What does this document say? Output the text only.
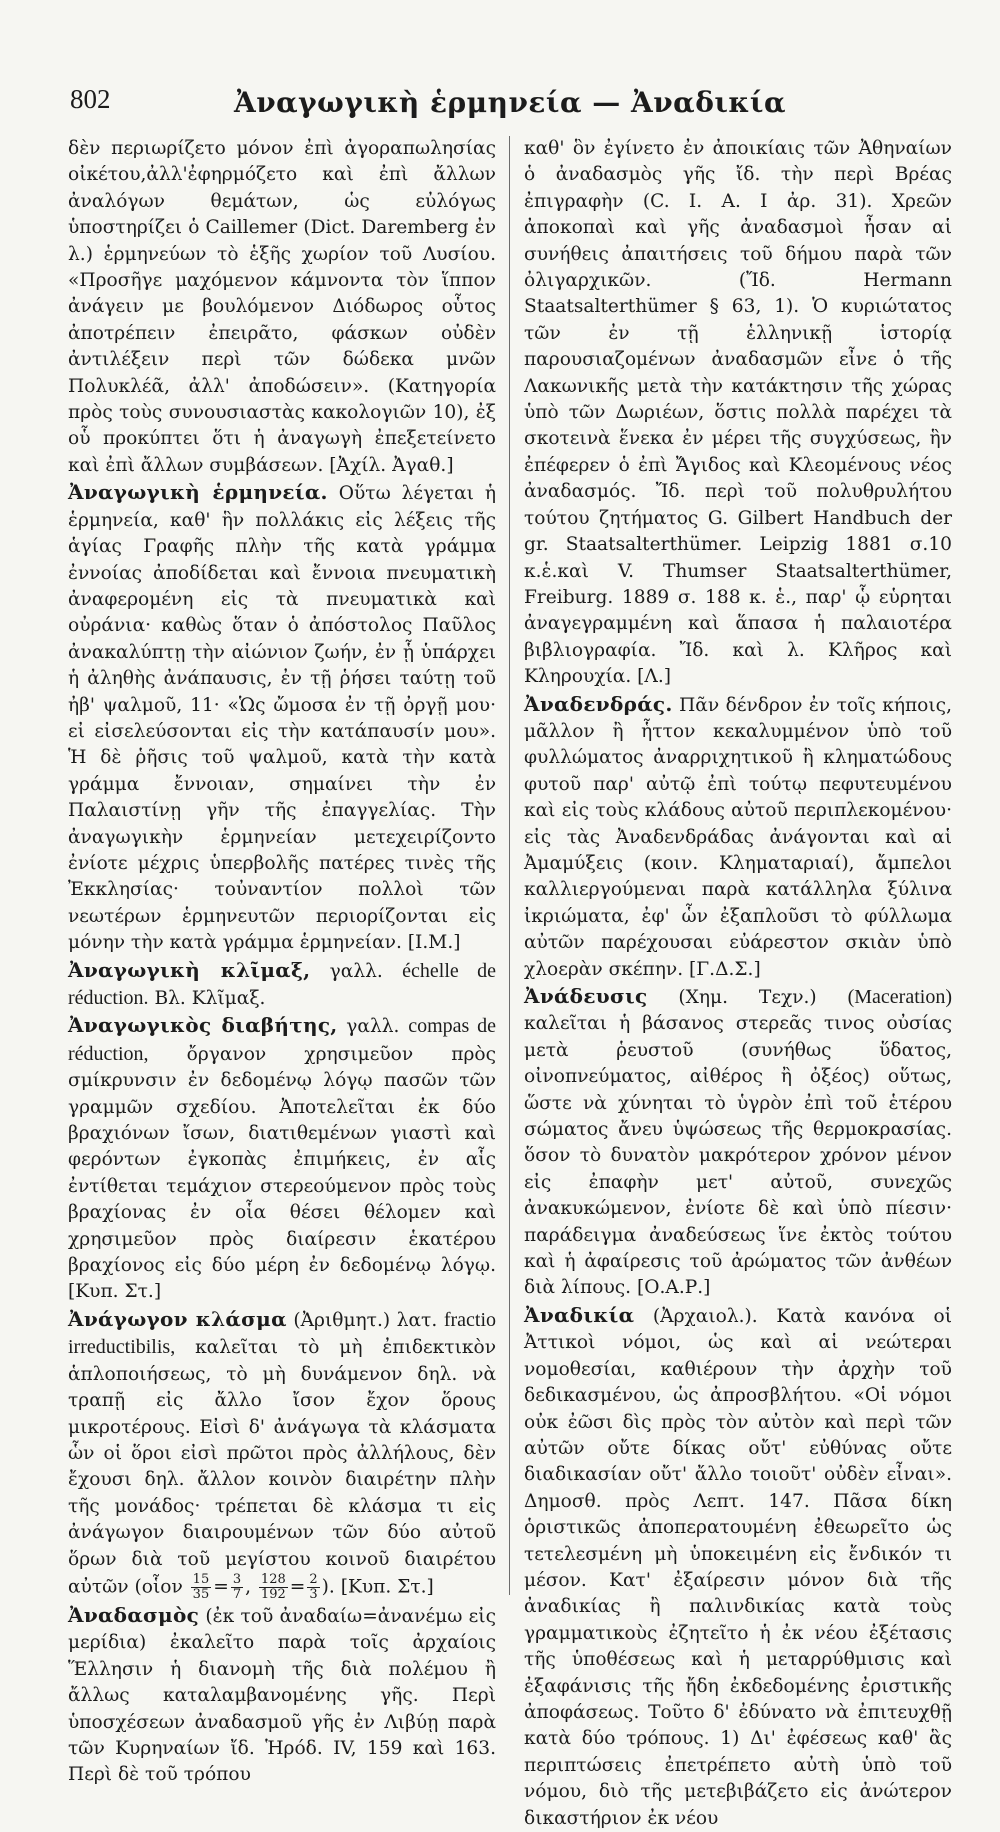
802	Ἀναγωγικὴ ἑρμηνεία — Ἀναδικία

δὲν περιωρίζετο μόνον ἐπὶ ἀγοραπωλησίας οἰκέτου,ἀλλ'ἐφηρμόζετο καὶ ἐπὶ ἄλλων ἀναλόγων θεμάτων, ὡς εὐλόγως ὑποστηρίζει ὁ Caillemer (Dict. Daremberg ἐν λ.) ἑρμηνεύων τὸ ἑξῆς χωρίον τοῦ Λυσίου. «Προσῆγε μαχόμενον κάμνοντα τὸν ἵππον ἀνάγειν με βουλόμενον Διόδωρος οὗτος ἀποτρέπειν ἐπειρᾶτο, φάσκων οὐδὲν ἀντιλέξειν περὶ τῶν δώδεκα μνῶν Πολυκλέᾶ, ἀλλ' ἀποδώσειν». (Κατηγορία πρὸς τοὺς συνουσιαστὰς κακολογιῶν 10), ἐξ οὗ προκύπτει ὅτι ἡ ἀναγωγὴ ἐπεξετείνετο καὶ ἐπὶ ἄλλων συμβάσεων. [Ἀχίλ. Ἀγαθ.]

Ἀναγωγικὴ ἑρμηνεία. Οὕτω λέγεται ἡ ἑρμηνεία, καθ' ἣν πολλάκις εἰς λέξεις τῆς ἁγίας Γραφῆς πλὴν τῆς κατὰ γράμμα ἐννοίας ἀποδίδεται καὶ ἔννοια πνευματικὴ ἀναφερομένη εἰς τὰ πνευματικὰ καὶ οὐράνια· καθὼς ὅταν ὁ ἀπόστολος Παῦλος ἀνακαλύπτῃ τὴν αἰώνιον ζωήν, ἐν ᾗ ὑπάρχει ἡ ἀληθὴς ἀνάπαυσις, ἐν τῇ ῥήσει ταύτῃ τοῦ ἠβ' ψαλμοῦ, 11· «Ὡς ὤμοσα ἐν τῇ ὀργῇ μου· εἰ εἰσελεύσονται εἰς τὴν κατάπαυσίν μου». Ἡ δὲ ῥῆσις τοῦ ψαλμοῦ, κατὰ τὴν κατὰ γράμμα ἔννοιαν, σημαίνει τὴν ἐν Παλαιστίνῃ γῆν τῆς ἐπαγγελίας. Τὴν ἀναγωγικὴν ἑρμηνείαν μετεχειρίζοντο ἐνίοτε μέχρις ὑπερβολῆς πατέρες τινὲς τῆς Ἐκκλησίας· τοὐναντίον πολλοὶ τῶν νεωτέρων ἑρμηνευτῶν περιορίζονται εἰς μόνην τὴν κατὰ γράμμα ἑρμηνείαν. [Ι.Μ.]

Ἀναγωγικὴ κλῖμαξ, γαλλ. échelle de réduction. Βλ. Κλῖμαξ.

Ἀναγωγικὸς διαβήτης, γαλλ. compas de réduction, ὄργανον χρησιμεῦον πρὸς σμίκρυνσιν ἐν δεδομένῳ λόγῳ πασῶν τῶν γραμμῶν σχεδίου. Ἀποτελεῖται ἐκ δύο βραχιόνων ἴσων, διατιθεμένων γιαστὶ καὶ φερόντων ἐγκοπὰς ἐπιμήκεις, ἐν αἷς ἐντίθεται τεμάχιον στερεούμενον πρὸς τοὺς βραχίονας ἐν οἷα θέσει θέλομεν καὶ χρησιμεῦον πρὸς διαίρεσιν ἑκατέρου βραχίονος εἰς δύο μέρη ἐν δεδομένῳ λόγῳ. [Κυπ. Στ.]

Ἀνάγωγον κλάσμα (Ἀριθμητ.) λατ. fractio irreductibilis, καλεῖται τὸ μὴ ἐπιδεκτικὸν ἁπλοποιήσεως, τὸ μὴ δυνάμενον δηλ. νὰ τραπῇ εἰς ἄλλο ἴσον ἔχον ὅρους μικροτέρους. Εἰσὶ δ' ἀνάγωγα τὰ κλάσματα ὧν οἱ ὅροι εἰσὶ πρῶτοι πρὸς ἀλλήλους, δὲν ἔχουσι δηλ. ἄλλον κοινὸν διαιρέτην πλὴν τῆς μονάδος· τρέπεται δὲ κλάσμα τι εἰς ἀνάγωγον διαιρουμένων τῶν δύο αὐτοῦ ὅρων διὰ τοῦ μεγίστου κοινοῦ διαιρέτου αὐτῶν (οἷον $\frac{15}{35} = \frac{3}{7}$ , $\frac{128}{192} = \frac{2}{3}$ ). [Κυπ. Στ.]

Ἀναδασμὸς (ἐκ τοῦ ἀναδαίω=ἀνανέμω εἰς μερίδια) ἐκαλεῖτο παρὰ τοῖς ἀρχαίοις Ἕλλησιν ἡ διανομὴ τῆς διὰ πολέμου ἢ ἄλλως καταλαμβανομένης γῆς. Περὶ ὑποσχέσεων ἀναδασμοῦ γῆς ἐν Λιβύῃ παρὰ τῶν Κυρηναίων ἴδ. Ἡρόδ. IV, 159 καὶ 163. Περὶ δὲ τοῦ τρόπου

καθ' ὃν ἐγίνετο ἐν ἀποικίαις τῶν Ἀθηναίων ὁ ἀναδασμὸς γῆς ἴδ. τὴν περὶ Βρέας ἐπιγραφὴν (C. I. A. I ἀρ. 31). Χρεῶν ἀποκοπαὶ καὶ γῆς ἀναδασμοὶ ἦσαν αἱ συνήθεις ἀπαιτήσεις τοῦ δήμου παρὰ τῶν ὀλιγαρχικῶν. (Ἴδ. Hermann Staatsalterthümer § 63, 1). Ὁ κυριώτατος τῶν ἐν τῇ ἑλληνικῇ ἱστορίᾳ παρουσιαζομένων ἀναδασμῶν εἶνε ὁ τῆς Λακωνικῆς μετὰ τὴν κατάκτησιν τῆς χώρας ὑπὸ τῶν Δωριέων, ὅστις πολλὰ παρέχει τὰ σκοτεινὰ ἕνεκα ἐν μέρει τῆς συγχύσεως, ἣν ἐπέφερεν ὁ ἐπὶ Ἄγιδος καὶ Κλεομένους νέος ἀναδασμός. Ἴδ. περὶ τοῦ πολυθρυλήτου τούτου ζητήματος G. Gilbert Handbuch der gr. Staatsalterthümer. Leipzig 1881 σ.10 κ.ἑ.καὶ V. Thumser Staatsalterthümer, Freiburg. 1889 σ. 188 κ. ἑ., παρ' ᾧ εὑρηται ἀναγεγραμμένη καὶ ἅπασα ἡ παλαιοτέρα βιβλιογραφία. Ἴδ. καὶ λ. Κλῆρος καὶ Κληρουχία. [Λ.]

Ἀναδενδράς. Πᾶν δένδρον ἐν τοῖς κήποις, μᾶλλον ἢ ἧττον κεκαλυμμένον ὑπὸ τοῦ φυλλώματος ἀναρριχητικοῦ ἢ κληματώδους φυτοῦ παρ' αὐτῷ ἐπὶ τούτῳ πεφυτευμένου καὶ εἰς τοὺς κλάδους αὐτοῦ περιπλεκομένου· εἰς τὰς Ἀναδενδράδας ἀνάγονται καὶ αἱ Ἀμαμύξεις (κοιν. Κληματαριαί), ἄμπελοι καλλιεργούμεναι παρὰ κατάλληλα ξύλινα ἰκριώματα, ἐφ' ὧν ἐξαπλοῦσι τὸ φύλλωμα αὐτῶν παρέχουσαι εὐάρεστον σκιὰν ὑπὸ χλοερὰν σκέπην. [Γ.Δ.Σ.]

Ἀνάδευσις (Χημ. Τεχν.) (Maceration) καλεῖται ἡ βάσανος στερεᾶς τινος οὐσίας μετὰ ῥευστοῦ (συνήθως ὕδατος, οἰνοπνεύματος, αἰθέρος ἢ ὀξέος) οὕτως, ὥστε νὰ χύνηται τὸ ὑγρὸν ἐπὶ τοῦ ἑτέρου σώματος ἄνευ ὑψώσεως τῆς θερμοκρασίας. ὅσον τὸ δυνατὸν μακρότερον χρόνον μένον εἰς ἐπαφὴν μετ' αὐτοῦ, συνεχῶς ἀνακυκώμενον, ἐνίοτε δὲ καὶ ὑπὸ πίεσιν· παράδειγμα ἀναδεύσεως ἵνε ἐκτὸς τούτου καὶ ἡ ἀφαίρεσις τοῦ ἀρώματος τῶν ἀνθέων διὰ λίπους. [Ο.Α.Ρ.]

Ἀναδικία (Ἀρχαιολ.). Κατὰ κανόνα οἱ Ἀττικοὶ νόμοι, ὡς καὶ αἱ νεώτεραι νομοθεσίαι, καθιέρουν τὴν ἀρχὴν τοῦ δεδικασμένου, ὡς ἀπροσβλήτου. «Οἱ νόμοι οὐκ ἐῶσι δὶς πρὸς τὸν αὐτὸν καὶ περὶ τῶν αὐτῶν οὔτε δίκας οὔτ' εὐθύνας οὔτε διαδικασίαν οὔτ' ἄλλο τοιοῦτ' οὐδὲν εἶναι». Δημοσθ. πρὸς Λεπτ. 147. Πᾶσα δίκη ὁριστικῶς ἀποπερατουμένη ἐθεωρεῖτο ὡς τετελεσμένη μὴ ὑποκειμένη εἰς ἔνδικόν τι μέσον. Κατ' ἐξαίρεσιν μόνον διὰ τῆς ἀναδικίας ἢ παλινδικίας κατὰ τοὺς γραμματικοὺς ἐζητεῖτο ἡ ἐκ νέου ἐξέτασις τῆς ὑποθέσεως καὶ ἡ μεταρρύθμισις καὶ ἐξαφάνισις τῆς ἤδη ἐκδεδομένης ἐριστικῆς ἀποφάσεως. Τοῦτο δ' ἐδύνατο νὰ ἐπιτευχθῇ κατὰ δύο τρόπους. 1) Δι' ἐφέσεως καθ' ἃς περιπτώσεις ἐπετρέπετο αὐτὴ ὑπὸ τοῦ νόμου, διὸ τῆς μετεβιβάζετο εἰς ἀνώτερον δικαστήριον ἐκ νέου
